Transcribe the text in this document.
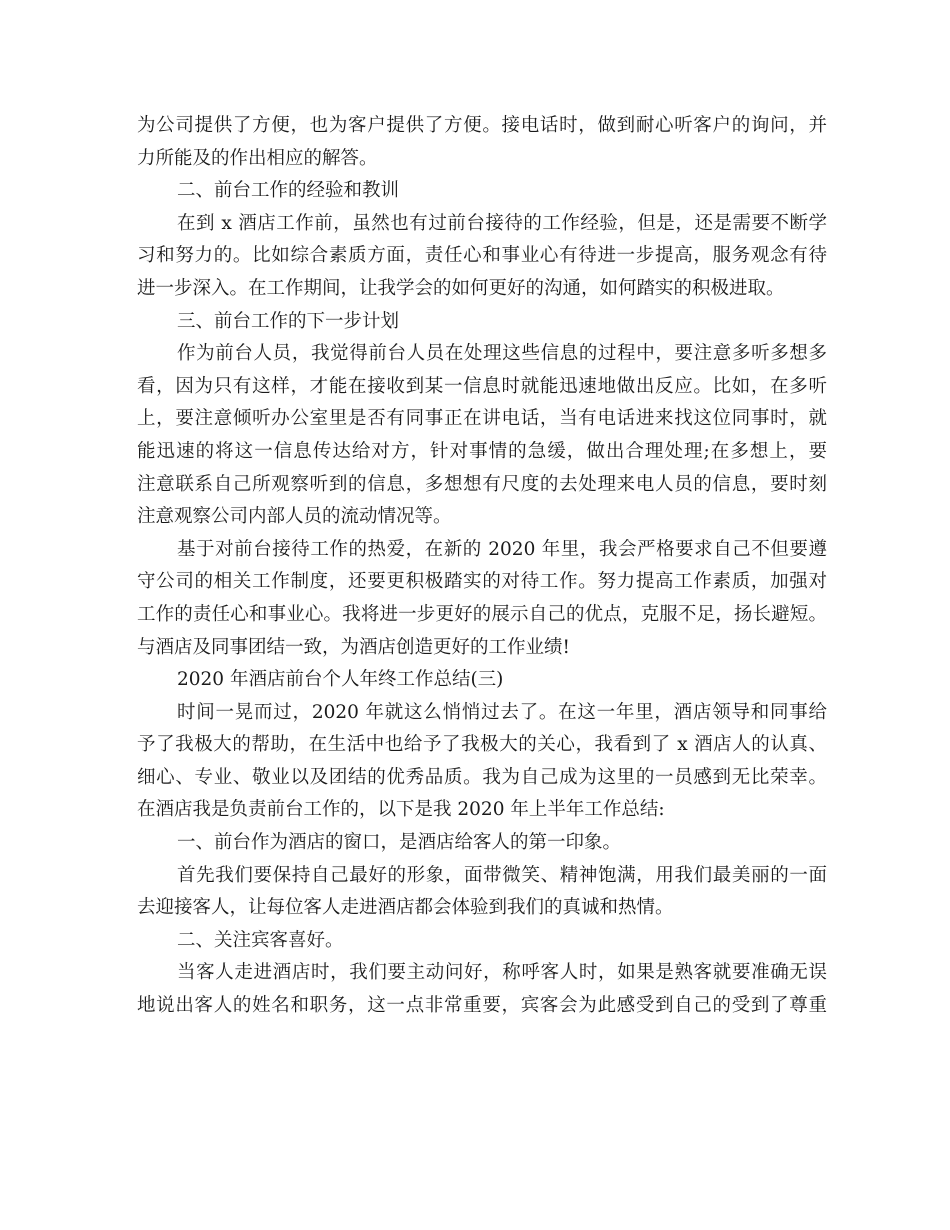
为公司提供了方便，也为客户提供了方便。接电话时，做到耐心听客户的询问，并
力所能及的作出相应的解答。
二、前台工作的经验和教训
在到 x 酒店工作前，虽然也有过前台接待的工作经验，但是，还是需要不断学
习和努力的。比如综合素质方面，责任心和事业心有待进一步提高，服务观念有待
进一步深入。在工作期间，让我学会的如何更好的沟通，如何踏实的积极进取。
三、前台工作的下一步计划
作为前台人员，我觉得前台人员在处理这些信息的过程中，要注意多听多想多
看，因为只有这样，才能在接收到某一信息时就能迅速地做出反应。比如，在多听
上，要注意倾听办公室里是否有同事正在讲电话，当有电话进来找这位同事时，就
能迅速的将这一信息传达给对方，针对事情的急缓，做出合理处理;在多想上，要
注意联系自己所观察听到的信息，多想想有尺度的去处理来电人员的信息，要时刻
注意观察公司内部人员的流动情况等。
基于对前台接待工作的热爱，在新的 2020 年里，我会严格要求自己不但要遵
守公司的相关工作制度，还要更积极踏实的对待工作。努力提高工作素质，加强对
工作的责任心和事业心。我将进一步更好的展示自己的优点，克服不足，扬长避短。
与酒店及同事团结一致，为酒店创造更好的工作业绩!
2020 年酒店前台个人年终工作总结(三)
时间一晃而过，2020 年就这么悄悄过去了。在这一年里，酒店领导和同事给
予了我极大的帮助，在生活中也给予了我极大的关心，我看到了 x 酒店人的认真、
细心、专业、敬业以及团结的优秀品质。我为自己成为这里的一员感到无比荣幸。
在酒店我是负责前台工作的，以下是我 2020 年上半年工作总结:
一、前台作为酒店的窗口，是酒店给客人的第一印象。
首先我们要保持自己最好的形象，面带微笑、精神饱满，用我们最美丽的一面
去迎接客人，让每位客人走进酒店都会体验到我们的真诚和热情。
二、关注宾客喜好。
当客人走进酒店时，我们要主动问好，称呼客人时，如果是熟客就要准确无误
地说出客人的姓名和职务，这一点非常重要，宾客会为此感受到自己的受到了尊重
